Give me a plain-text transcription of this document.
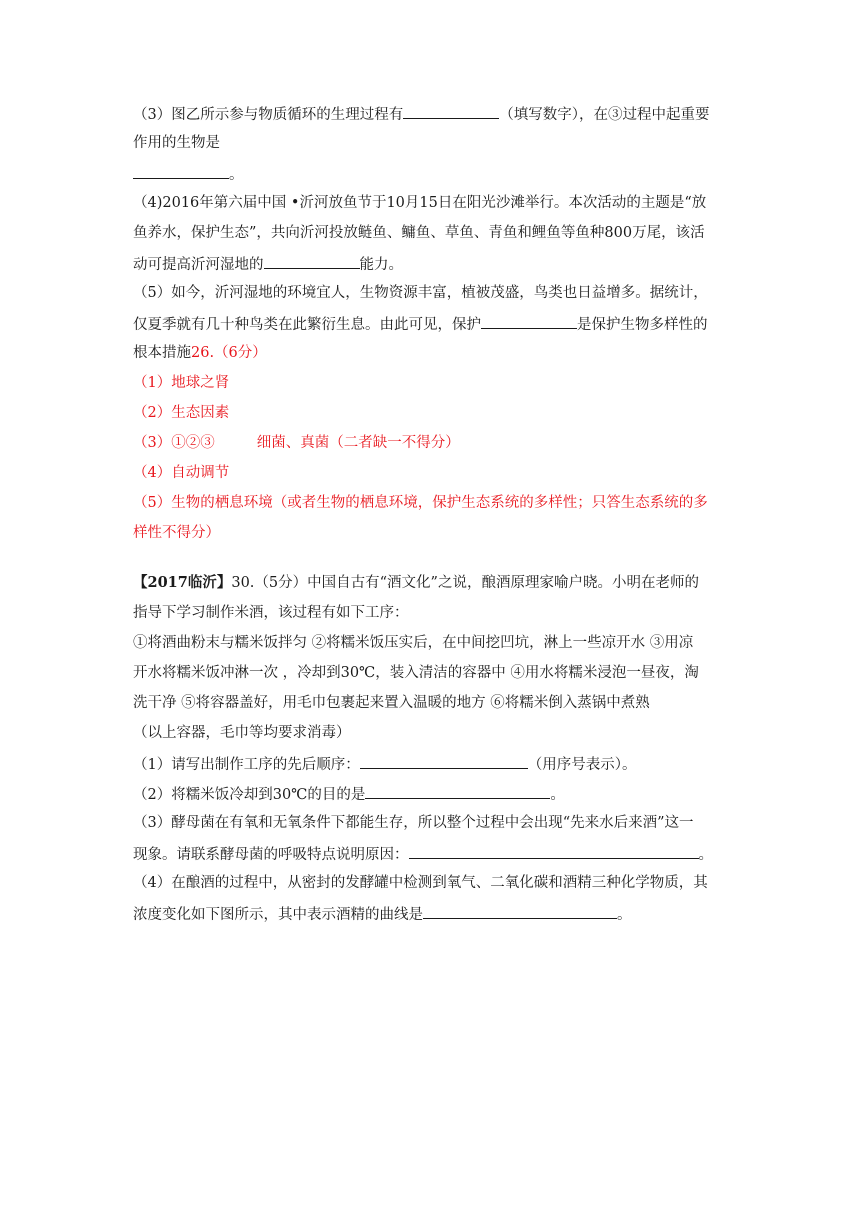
（3）图乙所示参与物质循环的生理过程有	（填写数字），在③过程中起重要
作用的生物是
。
（4)2016年第六届中国 •沂河放鱼节于10月15日在阳光沙滩举行。本次活动的主题是“放
鱼养水，保护生态”，共向沂河投放鲢鱼、鳙鱼、草鱼、青鱼和鲤鱼等鱼种800万尾，该活
动可提高沂河湿地的	能力。
（5）如今，沂河湿地的环境宜人，生物资源丰富，植被茂盛，鸟类也日益增多。据统计，
仅夏季就有几十种鸟类在此繁衍生息。由此可见，保护	是保护生物多样性的
根本措施26.（6分）
（1）地球之肾
（2）生态因素
（3）①②③	细菌、真菌（二者缺一不得分）
（4）自动调节
（5）生物的栖息环境（或者生物的栖息环境，保护生态系统的多样性；只答生态系统的多
样性不得分）
【2017临沂】30.（5分）中国自古有“酒文化”之说，酿酒原理家喻户晓。小明在老师的
指导下学习制作米酒，该过程有如下工序：
①将酒曲粉末与糯米饭拌匀 ②将糯米饭压实后，在中间挖凹坑，淋上一些凉开水 ③用凉
开水将糯米饭冲淋一次 ，冷却到30℃，装入清洁的容器中 ④用水将糯米浸泡一昼夜，淘
洗干净 ⑤将容器盖好，用毛巾包裹起来置入温暖的地方 ⑥将糯米倒入蒸锅中煮熟
（以上容器，毛巾等均要求消毒）
（1）请写出制作工序的先后顺序：	（用序号表示）。
（2）将糯米饭冷却到30℃的目的是	。
（3）酵母菌在有氧和无氧条件下都能生存，所以整个过程中会出现“先来水后来酒”这一
现象。请联系酵母菌的呼吸特点说明原因：	。
（4）在酿酒的过程中，从密封的发酵罐中检测到氧气、二氧化碳和酒精三种化学物质，其
浓度变化如下图所示，其中表示酒精的曲线是	。
